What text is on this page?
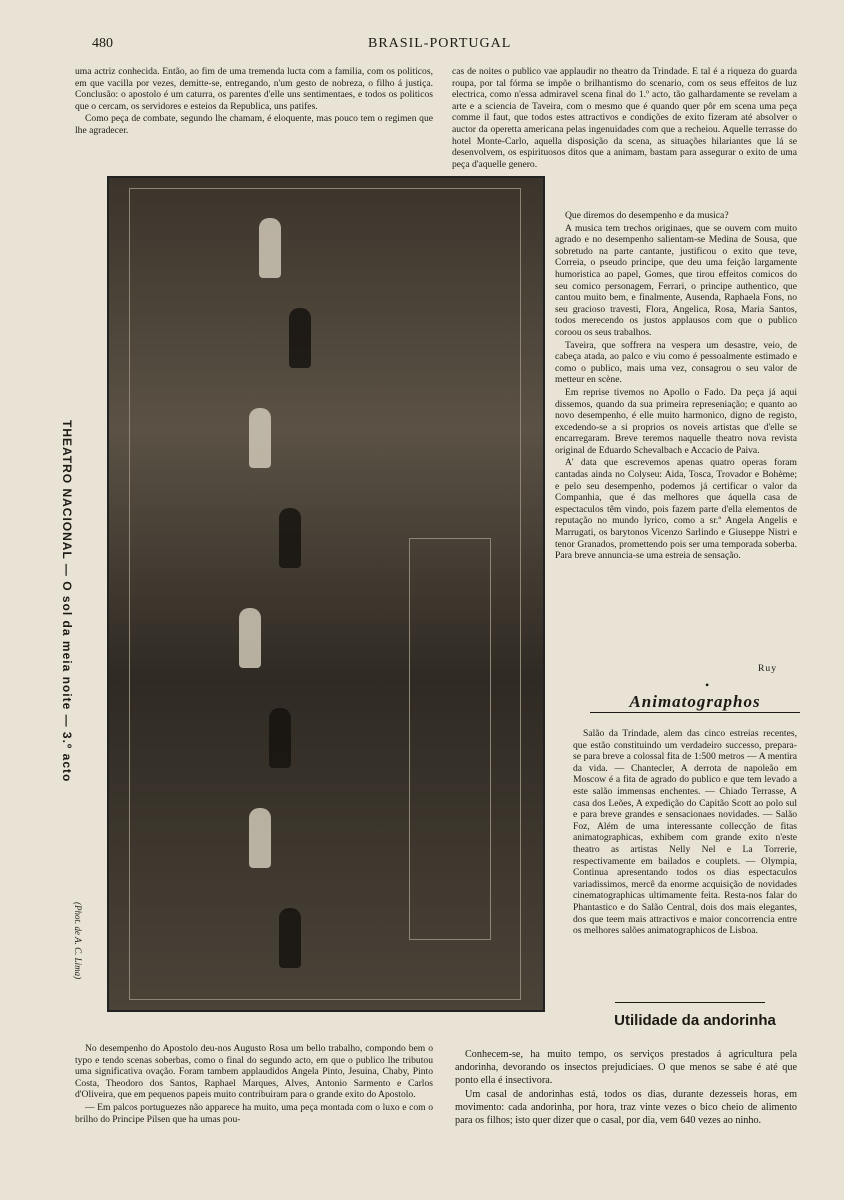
480	BRASIL-PORTUGAL

uma actriz conhecida. Então, ao fim de uma tremenda lucta com a familia, com os politicos, em que vacilla por vezes, demitte-se, entregando, n'um gesto de nobreza, o filho á justiça. Conclusão: o apostolo é um caturra, os parentes d'elle uns sentimentaes, e todos os politicos que o cercam, os servidores e esteios da Republica, uns patifes.

Como peça de combate, segundo lhe chamam, é eloquente, mas pouco tem o regimen que lhe agradecer.

cas de noites o publico vae applaudir no theatro da Trindade. E tal é a riqueza do guarda roupa, por tal fórma se impõe o brilhantismo do scenario, com os seus effeitos de luz electrica, como n'essa admiravel scena final do 1.º acto, tão galhardamente se revelam a arte e a sciencia de Taveira, com o mesmo que é quando quer pôr em scena uma peça comme il faut, que todos estes attractivos e condições de exito fizeram até absolver o auctor da operetta americana pelas ingenuidades com que a recheiou. Aquelle terrasse do hotel Monte-Carlo, aquella disposição da scena, as situações hilariantes que lá se desenvolvem, os espirituosos ditos que a animam, bastam para assegurar o exito de uma peça d'aquelle genero.

THEATRO NACIONAL — O sol da meia noite — 3.º acto
(Phot. de A. C. Lima)

Que diremos do desempenho e da musica?

A musica tem trechos originaes, que se ouvem com muito agrado e no desempenho salientam-se Medina de Sousa, que sobretudo na parte cantante, justificou o exito que teve, Correia, o pseudo principe, que deu uma feição largamente humoristica ao papel, Gomes, que tirou effeitos comicos do seu comico personagem, Ferrari, o principe authentico, que cantou muito bem, e finalmente, Ausenda, Raphaela Fons, no seu gracioso travesti, Flora, Angelica, Rosa, Maria Santos, todos merecendo os justos applausos com que o publico coroou os seus trabalhos.

Taveira, que soffrera na vespera um desastre, veio, de cabeça atada, ao palco e viu como é pessoalmente estimado e como o publico, mais uma vez, consagrou o seu valor de metteur en scène.

Em reprise tivemos no Apollo o Fado. Da peça já aqui dissemos, quando da sua primeira represeniação; e quanto ao novo desempenho, é elle muito harmonico, digno de registo, excedendo-se a si proprios os noveis artistas que d'elle se encarregaram. Breve teremos naquelle theatro nova revista original de Eduardo Schevalbach e Accacio de Paiva.

A' data que escrevemos apenas quatro operas foram cantadas ainda no Colyseu: Aida, Tosca, Trovador e Bohème; e pelo seu desempenho, podemos já certificar o valor da Companhia, que é das melhores que áquella casa de espectaculos têm vindo, pois fazem parte d'ella elementos de reputação no mundo lyrico, como a sr.ª Angela Angelis e Marrugati, os barytonos Vicenzo Sarlindo e Giuseppe Nistri e tenor Granados, promettendo pois ser uma temporada soberba. Para breve annuncia-se uma estreia de sensação.

Ruy
•
Animatographos

Salão da Trindade, alem das cinco estreias recentes, que estão constituindo um verdadeiro successo, prepara-se para breve a colossal fita de 1:500 metros — A mentira da vida. — Chantecler, A derrota de napoleão em Moscow é a fita de agrado do publico e que tem levado a este salão immensas enchentes. — Chiado Terrasse, A casa dos Leões, A expedição do Capitão Scott ao polo sul e para breve grandes e sensacionaes novidades. — Salão Foz, Além de uma interessante collecção de fitas animatographicas, exhibem com grande exito n'este theatro as artistas Nelly Nel e La Torrerie, respectivamente em bailados e couplets. — Olympia, Continua apresentando todos os dias espectaculos variadissimos, mercê da enorme acquisição de novidades cinematographicas ultimamente feita. Resta-nos falar do Phantastico e do Salão Central, dois dos mais elegantes, dos que teem mais attractivos e maior concorrencia entre os melhores salões animatographicos de Lisboa.

Utilidade da andorinha

No desempenho do Apostolo deu-nos Augusto Rosa um bello trabalho, compondo bem o typo e tendo scenas soberbas, como o final do segundo acto, em que o publico lhe tributou uma significativa ovação. Foram tambem applaudidos Angela Pinto, Jesuina, Chaby, Pinto Costa, Theodoro dos Santos, Raphael Marques, Alves, Antonio Sarmento e Carlos d'Oliveira, que em pequenos papeis muito contribuiram para o grande exito do Apostolo.

— Em palcos portuguezes não apparece ha muito, uma peça montada com o luxo e com o brilho do Principe Pilsen que ha umas pou-

Conhecem-se, ha muito tempo, os serviços prestados á agricultura pela andorinha, devorando os insectos prejudiciaes. O que menos se sabe é até que ponto ella é insectivora.

Um casal de andorinhas está, todos os dias, durante dezesseis horas, em movimento: cada andorinha, por hora, traz vinte vezes o bico cheio de alimento para os filhos; isto quer dizer que o casal, por dia, vem 640 vezes ao ninho.
